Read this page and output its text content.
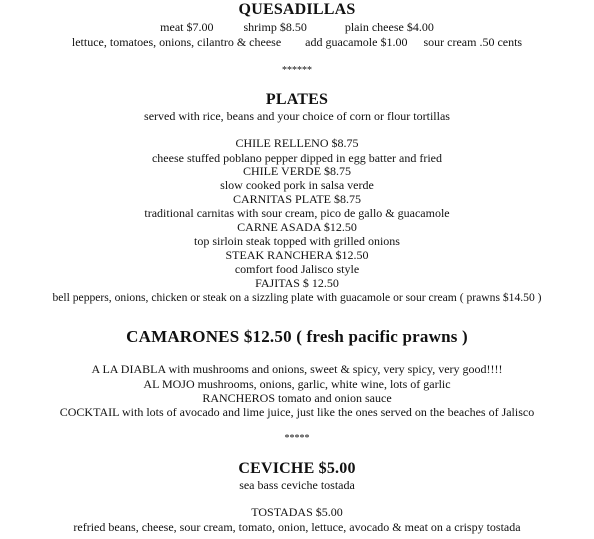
QUESADILLAS
meat $7.00	shrimp $8.50	plain cheese $4.00
lettuce, tomatoes, onions, cilantro & cheese add guacamole $1.00 sour cream .50 cents
******
PLATES
served with rice, beans and your choice of corn or flour tortillas
CHILE RELLENO $8.75
cheese stuffed poblano pepper dipped in egg batter and fried
CHILE VERDE $8.75
slow cooked pork in salsa verde
CARNITAS PLATE $8.75
traditional carnitas with sour cream, pico de gallo & guacamole
CARNE ASADA $12.50
top sirloin steak topped with grilled onions
STEAK RANCHERA $12.50
comfort food Jalisco style
FAJITAS $ 12.50
bell peppers, onions, chicken or steak on a sizzling plate with guacamole or sour cream ( prawns $14.50 )
CAMARONES $12.50 ( fresh pacific prawns )
A LA DIABLA with mushrooms and onions, sweet & spicy, very spicy, very good!!!!
AL MOJO mushrooms, onions, garlic, white wine, lots of garlic
RANCHEROS tomato and onion sauce
COCKTAIL with lots of avocado and lime juice, just like the ones served on the beaches of Jalisco
*****
CEVICHE $5.00
sea bass ceviche tostada
TOSTADAS $5.00
refried beans, cheese, sour cream, tomato, onion, lettuce, avocado & meat on a crispy tostada
